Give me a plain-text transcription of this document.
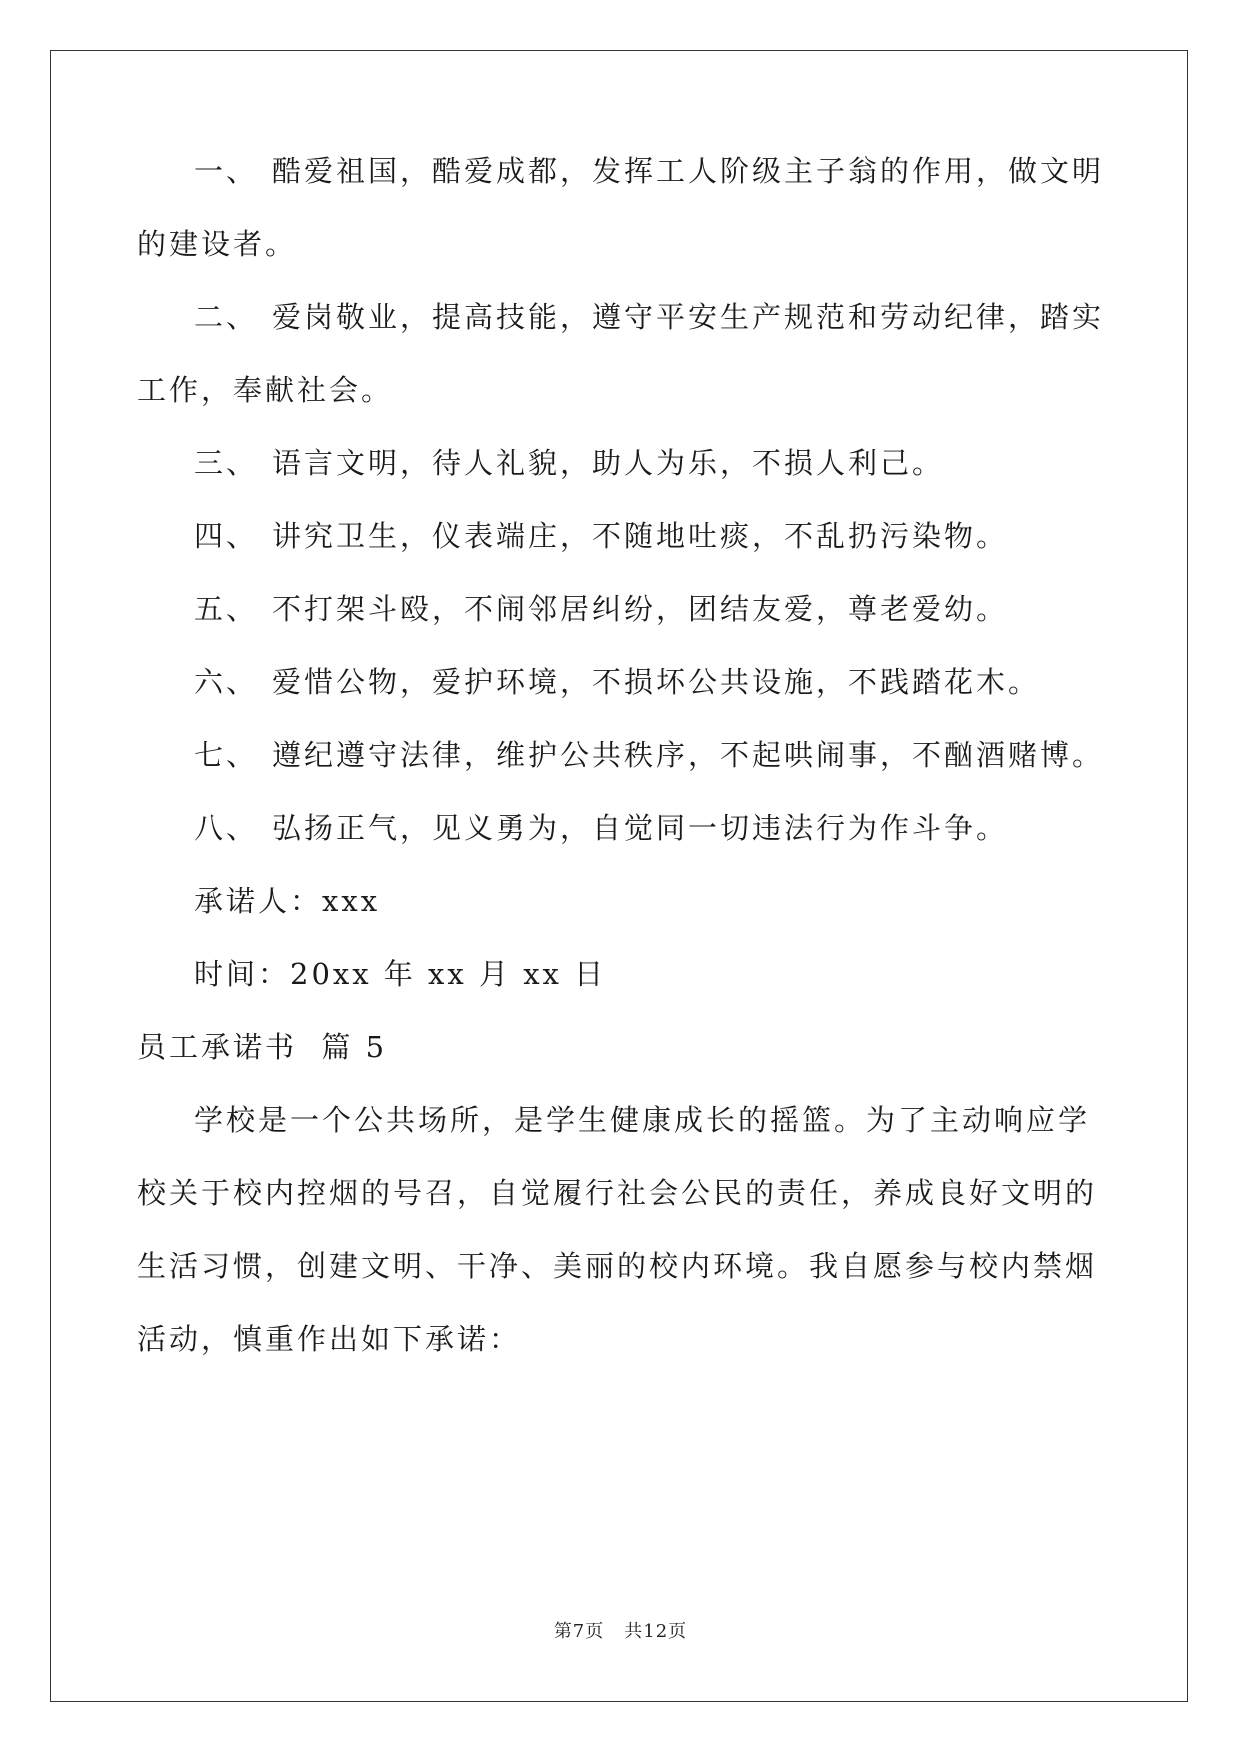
一、 酷爱祖国，酷爱成都，发挥工人阶级主子翁的作用，做文明
的建设者。
二、 爱岗敬业，提高技能，遵守平安生产规范和劳动纪律，踏实
工作，奉献社会。
三、 语言文明，待人礼貌，助人为乐，不损人利己。
四、 讲究卫生，仪表端庄，不随地吐痰，不乱扔污染物。
五、 不打架斗殴，不闹邻居纠纷，团结友爱，尊老爱幼。
六、 爱惜公物，爱护环境，不损坏公共设施，不践踏花木。
七、 遵纪遵守法律，维护公共秩序，不起哄闹事，不酗酒赌博。
八、 弘扬正气，见义勇为，自觉同一切违法行为作斗争。
承诺人：xxx
时间：20xx 年 xx 月 xx 日
员工承诺书  篇 5
学校是一个公共场所，是学生健康成长的摇篮。为了主动响应学
校关于校内控烟的号召，自觉履行社会公民的责任，养成良好文明的
生活习惯，创建文明、干净、美丽的校内环境。我自愿参与校内禁烟
活动，慎重作出如下承诺：
第7页 共12页
